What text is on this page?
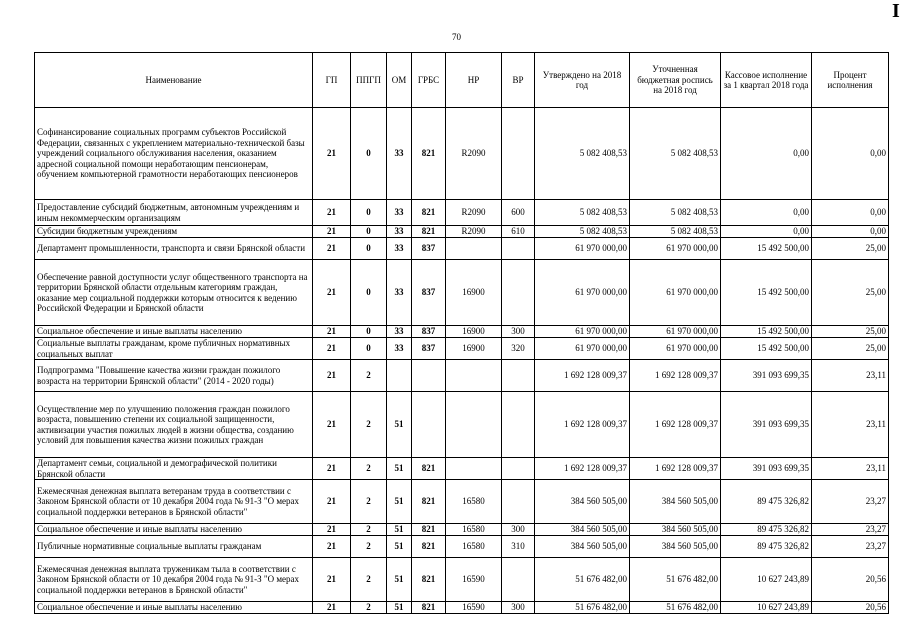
70
I
Наименование	ГП	ППГП	ОМ	ГРБС	НР	ВР	Утверждено на 2018 год	Уточненная бюджетная роспись на 2018 год	Кассовое исполнение за 1 квартал 2018 года	Процент исполнения
Софинансирование социальных программ субъектов Российской Федерации, связанных с укреплением материально-технической базы учреждений социального обслуживания населения, оказанием адресной социальной помощи неработающим пенсионерам, обучением компьютерной грамотности неработающих пенсионеров	21	0	33	821	R2090		5 082 408,53	5 082 408,53	0,00	0,00
Предоставление субсидий бюджетным, автономным учреждениям и иным некоммерческим организациям	21	0	33	821	R2090	600	5 082 408,53	5 082 408,53	0,00	0,00
Субсидии бюджетным учреждениям	21	0	33	821	R2090	610	5 082 408,53	5 082 408,53	0,00	0,00
Департамент промышленности, транспорта и связи Брянской области	21	0	33	837			61 970 000,00	61 970 000,00	15 492 500,00	25,00
Обеспечение равной доступности услуг общественного транспорта на территории Брянской области отдельным категориям граждан, оказание мер социальной поддержки которым относится к ведению Российской Федерации и Брянской области	21	0	33	837	16900		61 970 000,00	61 970 000,00	15 492 500,00	25,00
Социальное обеспечение и иные выплаты населению	21	0	33	837	16900	300	61 970 000,00	61 970 000,00	15 492 500,00	25,00
Социальные выплаты гражданам, кроме публичных нормативных социальных выплат	21	0	33	837	16900	320	61 970 000,00	61 970 000,00	15 492 500,00	25,00
Подпрограмма "Повышение качества жизни граждан пожилого возраста на территории Брянской области" (2014 - 2020 годы)	21	2					1 692 128 009,37	1 692 128 009,37	391 093 699,35	23,11
Осуществление мер по улучшению положения граждан пожилого возраста, повышению степени их социальной защищенности, активизации участия пожилых людей в жизни общества, созданию условий для повышения качества жизни пожилых граждан	21	2	51				1 692 128 009,37	1 692 128 009,37	391 093 699,35	23,11
Департамент семьи, социальной и демографической политики Брянской области	21	2	51	821			1 692 128 009,37	1 692 128 009,37	391 093 699,35	23,11
Ежемесячная денежная выплата ветеранам труда в соответствии с Законом Брянской области от 10 декабря 2004 года № 91-З "О мерах социальной поддержки ветеранов в Брянской области"	21	2	51	821	16580		384 560 505,00	384 560 505,00	89 475 326,82	23,27
Социальное обеспечение и иные выплаты населению	21	2	51	821	16580	300	384 560 505,00	384 560 505,00	89 475 326,82	23,27
Публичные нормативные социальные выплаты гражданам	21	2	51	821	16580	310	384 560 505,00	384 560 505,00	89 475 326,82	23,27
Ежемесячная денежная выплата труженикам тыла в соответствии с Законом Брянской области от 10 декабря 2004 года № 91-З "О мерах социальной поддержки ветеранов в Брянской области"	21	2	51	821	16590		51 676 482,00	51 676 482,00	10 627 243,89	20,56
Социальное обеспечение и иные выплаты населению	21	2	51	821	16590	300	51 676 482,00	51 676 482,00	10 627 243,89	20,56
